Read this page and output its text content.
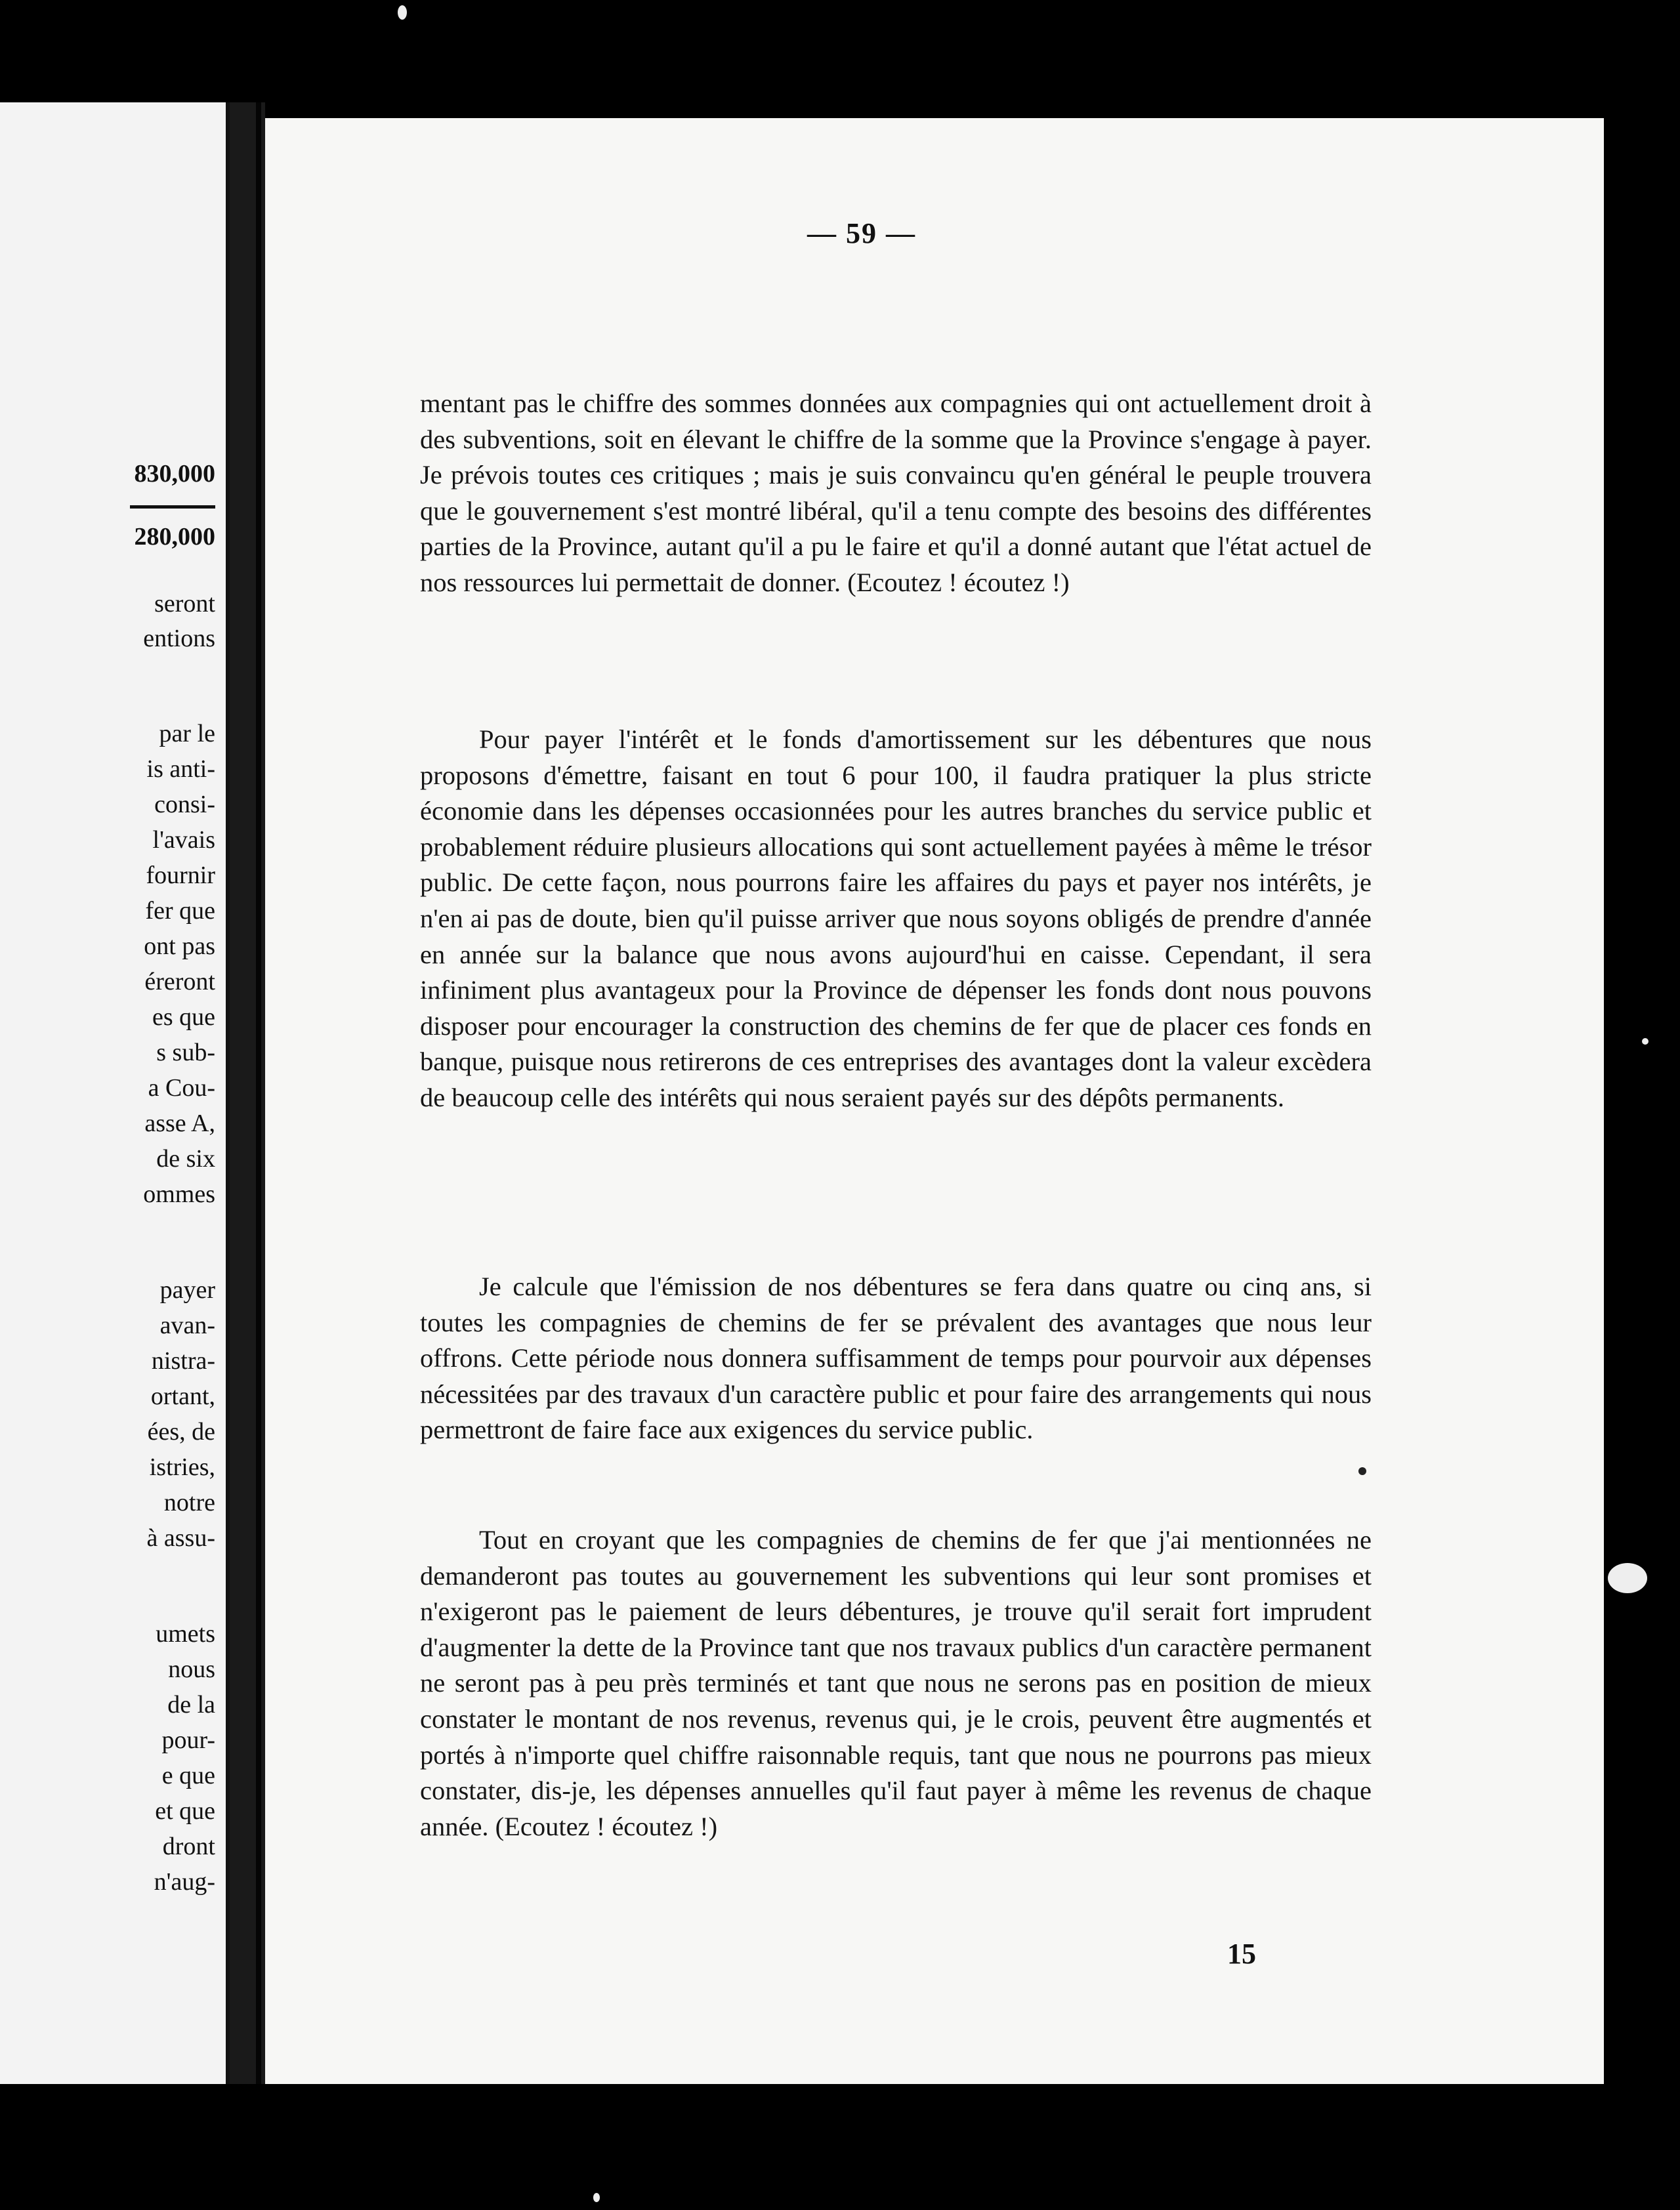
830,000
280,000
seront
entions
par le
is anti-
consi-
l'avais
fournir
fer que
ont pas
éreront
es que
s sub-
a Cou-
asse A,
de six
ommes
payer
avan-
nistra-
ortant,
ées, de
istries,
notre
à assu-
umets
nous
de la
pour-
e que
et que
dront
n'aug-
— 59 —
mentant pas le chiffre des sommes données aux compagnies qui ont actuellement droit à des subventions, soit en élevant le chiffre de la somme que la Province s'engage à payer. Je prévois toutes ces critiques ; mais je suis convaincu qu'en général le peuple trouvera que le gouvernement s'est montré libéral, qu'il a tenu compte des besoins des différentes parties de la Province, autant qu'il a pu le faire et qu'il a donné autant que l'état actuel de nos ressources lui permettait de donner. (Ecoutez ! écoutez !)
Pour payer l'intérêt et le fonds d'amortissement sur les débentures que nous proposons d'émettre, faisant en tout 6 pour 100, il faudra pratiquer la plus stricte économie dans les dépenses occasionnées pour les autres branches du service public et probablement réduire plusieurs allocations qui sont actuellement payées à même le trésor public. De cette façon, nous pourrons faire les affaires du pays et payer nos intérêts, je n'en ai pas de doute, bien qu'il puisse arriver que nous soyons obligés de prendre d'année en année sur la balance que nous avons aujourd'hui en caisse. Cependant, il sera infiniment plus avantageux pour la Province de dépenser les fonds dont nous pouvons disposer pour encourager la construction des chemins de fer que de placer ces fonds en banque, puisque nous retirerons de ces entreprises des avantages dont la valeur excèdera de beaucoup celle des intérêts qui nous seraient payés sur des dépôts permanents.
Je calcule que l'émission de nos débentures se fera dans quatre ou cinq ans, si toutes les compagnies de chemins de fer se prévalent des avantages que nous leur offrons. Cette période nous donnera suffisamment de temps pour pourvoir aux dépenses nécessitées par des travaux d'un caractère public et pour faire des arrangements qui nous permettront de faire face aux exigences du service public.
Tout en croyant que les compagnies de chemins de fer que j'ai mentionnées ne demanderont pas toutes au gouvernement les subventions qui leur sont promises et n'exigeront pas le paiement de leurs débentures, je trouve qu'il serait fort imprudent d'augmenter la dette de la Province tant que nos travaux publics d'un caractère permanent ne seront pas à peu près terminés et tant que nous ne serons pas en position de mieux constater le montant de nos revenus, revenus qui, je le crois, peuvent être augmentés et portés à n'importe quel chiffre raisonnable requis, tant que nous ne pourrons pas mieux constater, dis-je, les dépenses annuelles qu'il faut payer à même les revenus de chaque année. (Ecoutez ! écoutez !)
15
